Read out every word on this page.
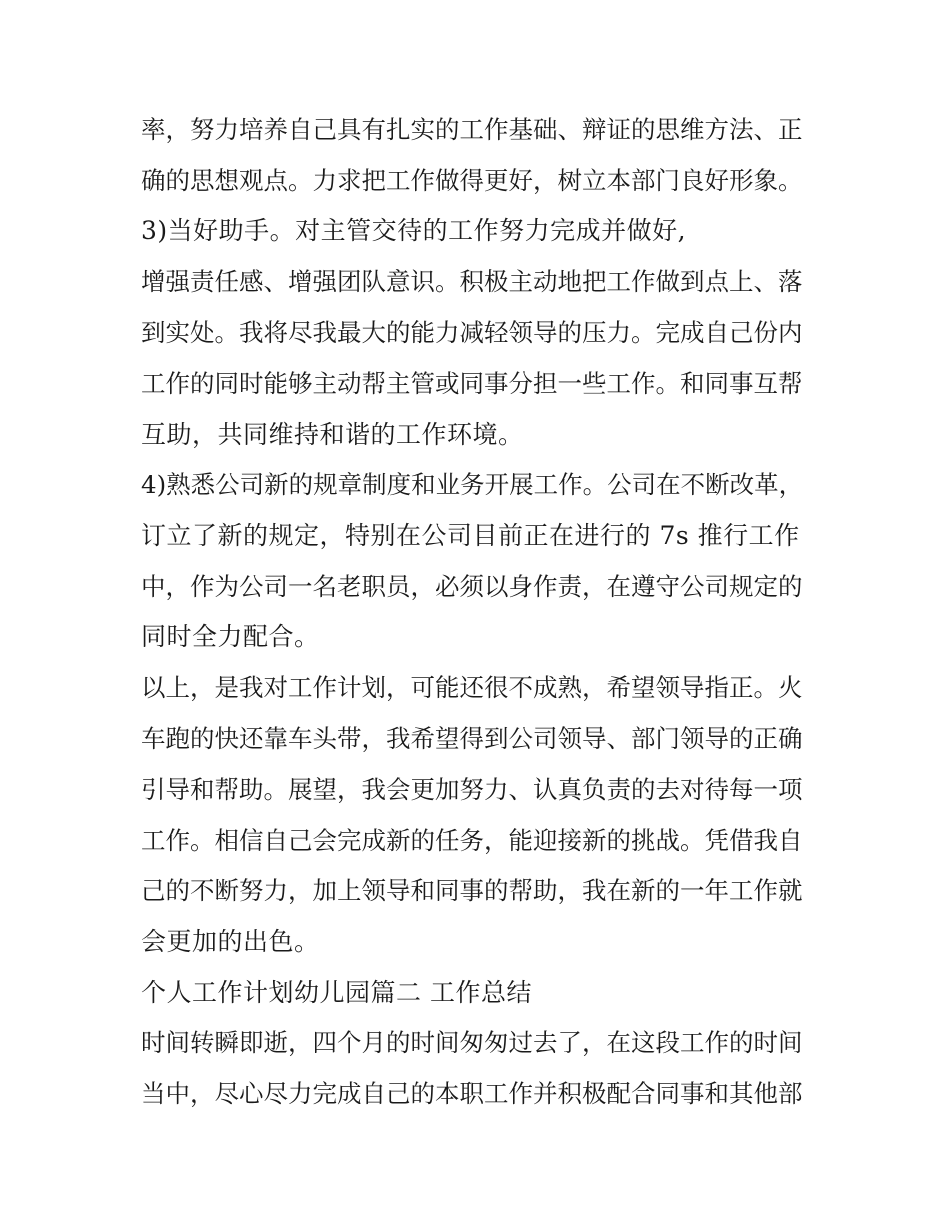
率，努力培养自己具有扎实的工作基础、辩证的思维方法、正
确的思想观点。力求把工作做得更好，树立本部门良好形象。
3)当好助手。对主管交待的工作努力完成并做好,
增强责任感、增强团队意识。积极主动地把工作做到点上、落
到实处。我将尽我最大的能力减轻领导的压力。完成自己份内
工作的同时能够主动帮主管或同事分担一些工作。和同事互帮
互助，共同维持和谐的工作环境。
4)熟悉公司新的规章制度和业务开展工作。公司在不断改革，
订立了新的规定，特别在公司目前正在进行的 7s 推行工作
中，作为公司一名老职员，必须以身作责，在遵守公司规定的
同时全力配合。
以上，是我对工作计划，可能还很不成熟，希望领导指正。火
车跑的快还靠车头带，我希望得到公司领导、部门领导的正确
引导和帮助。展望，我会更加努力、认真负责的去对待每一项
工作。相信自己会完成新的任务，能迎接新的挑战。凭借我自
己的不断努力，加上领导和同事的帮助，我在新的一年工作就
会更加的出色。
个人工作计划幼儿园篇二 工作总结
时间转瞬即逝，四个月的时间匆匆过去了，在这段工作的时间
当中，尽心尽力完成自己的本职工作并积极配合同事和其他部
